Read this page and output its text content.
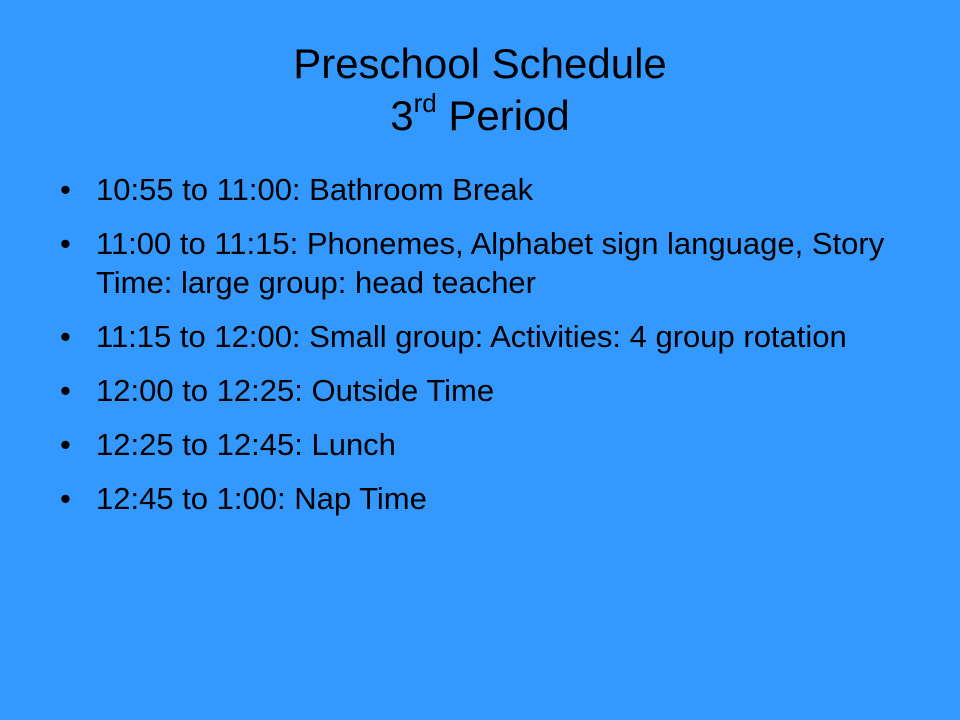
Preschool Schedule
3rd Period
• 10:55 to 11:00: Bathroom Break
• 11:00 to 11:15: Phonemes, Alphabet sign language, Story Time: large group: head teacher
• 11:15 to 12:00: Small group: Activities: 4 group rotation
• 12:00 to 12:25: Outside Time
• 12:25 to 12:45: Lunch
• 12:45 to 1:00: Nap Time
